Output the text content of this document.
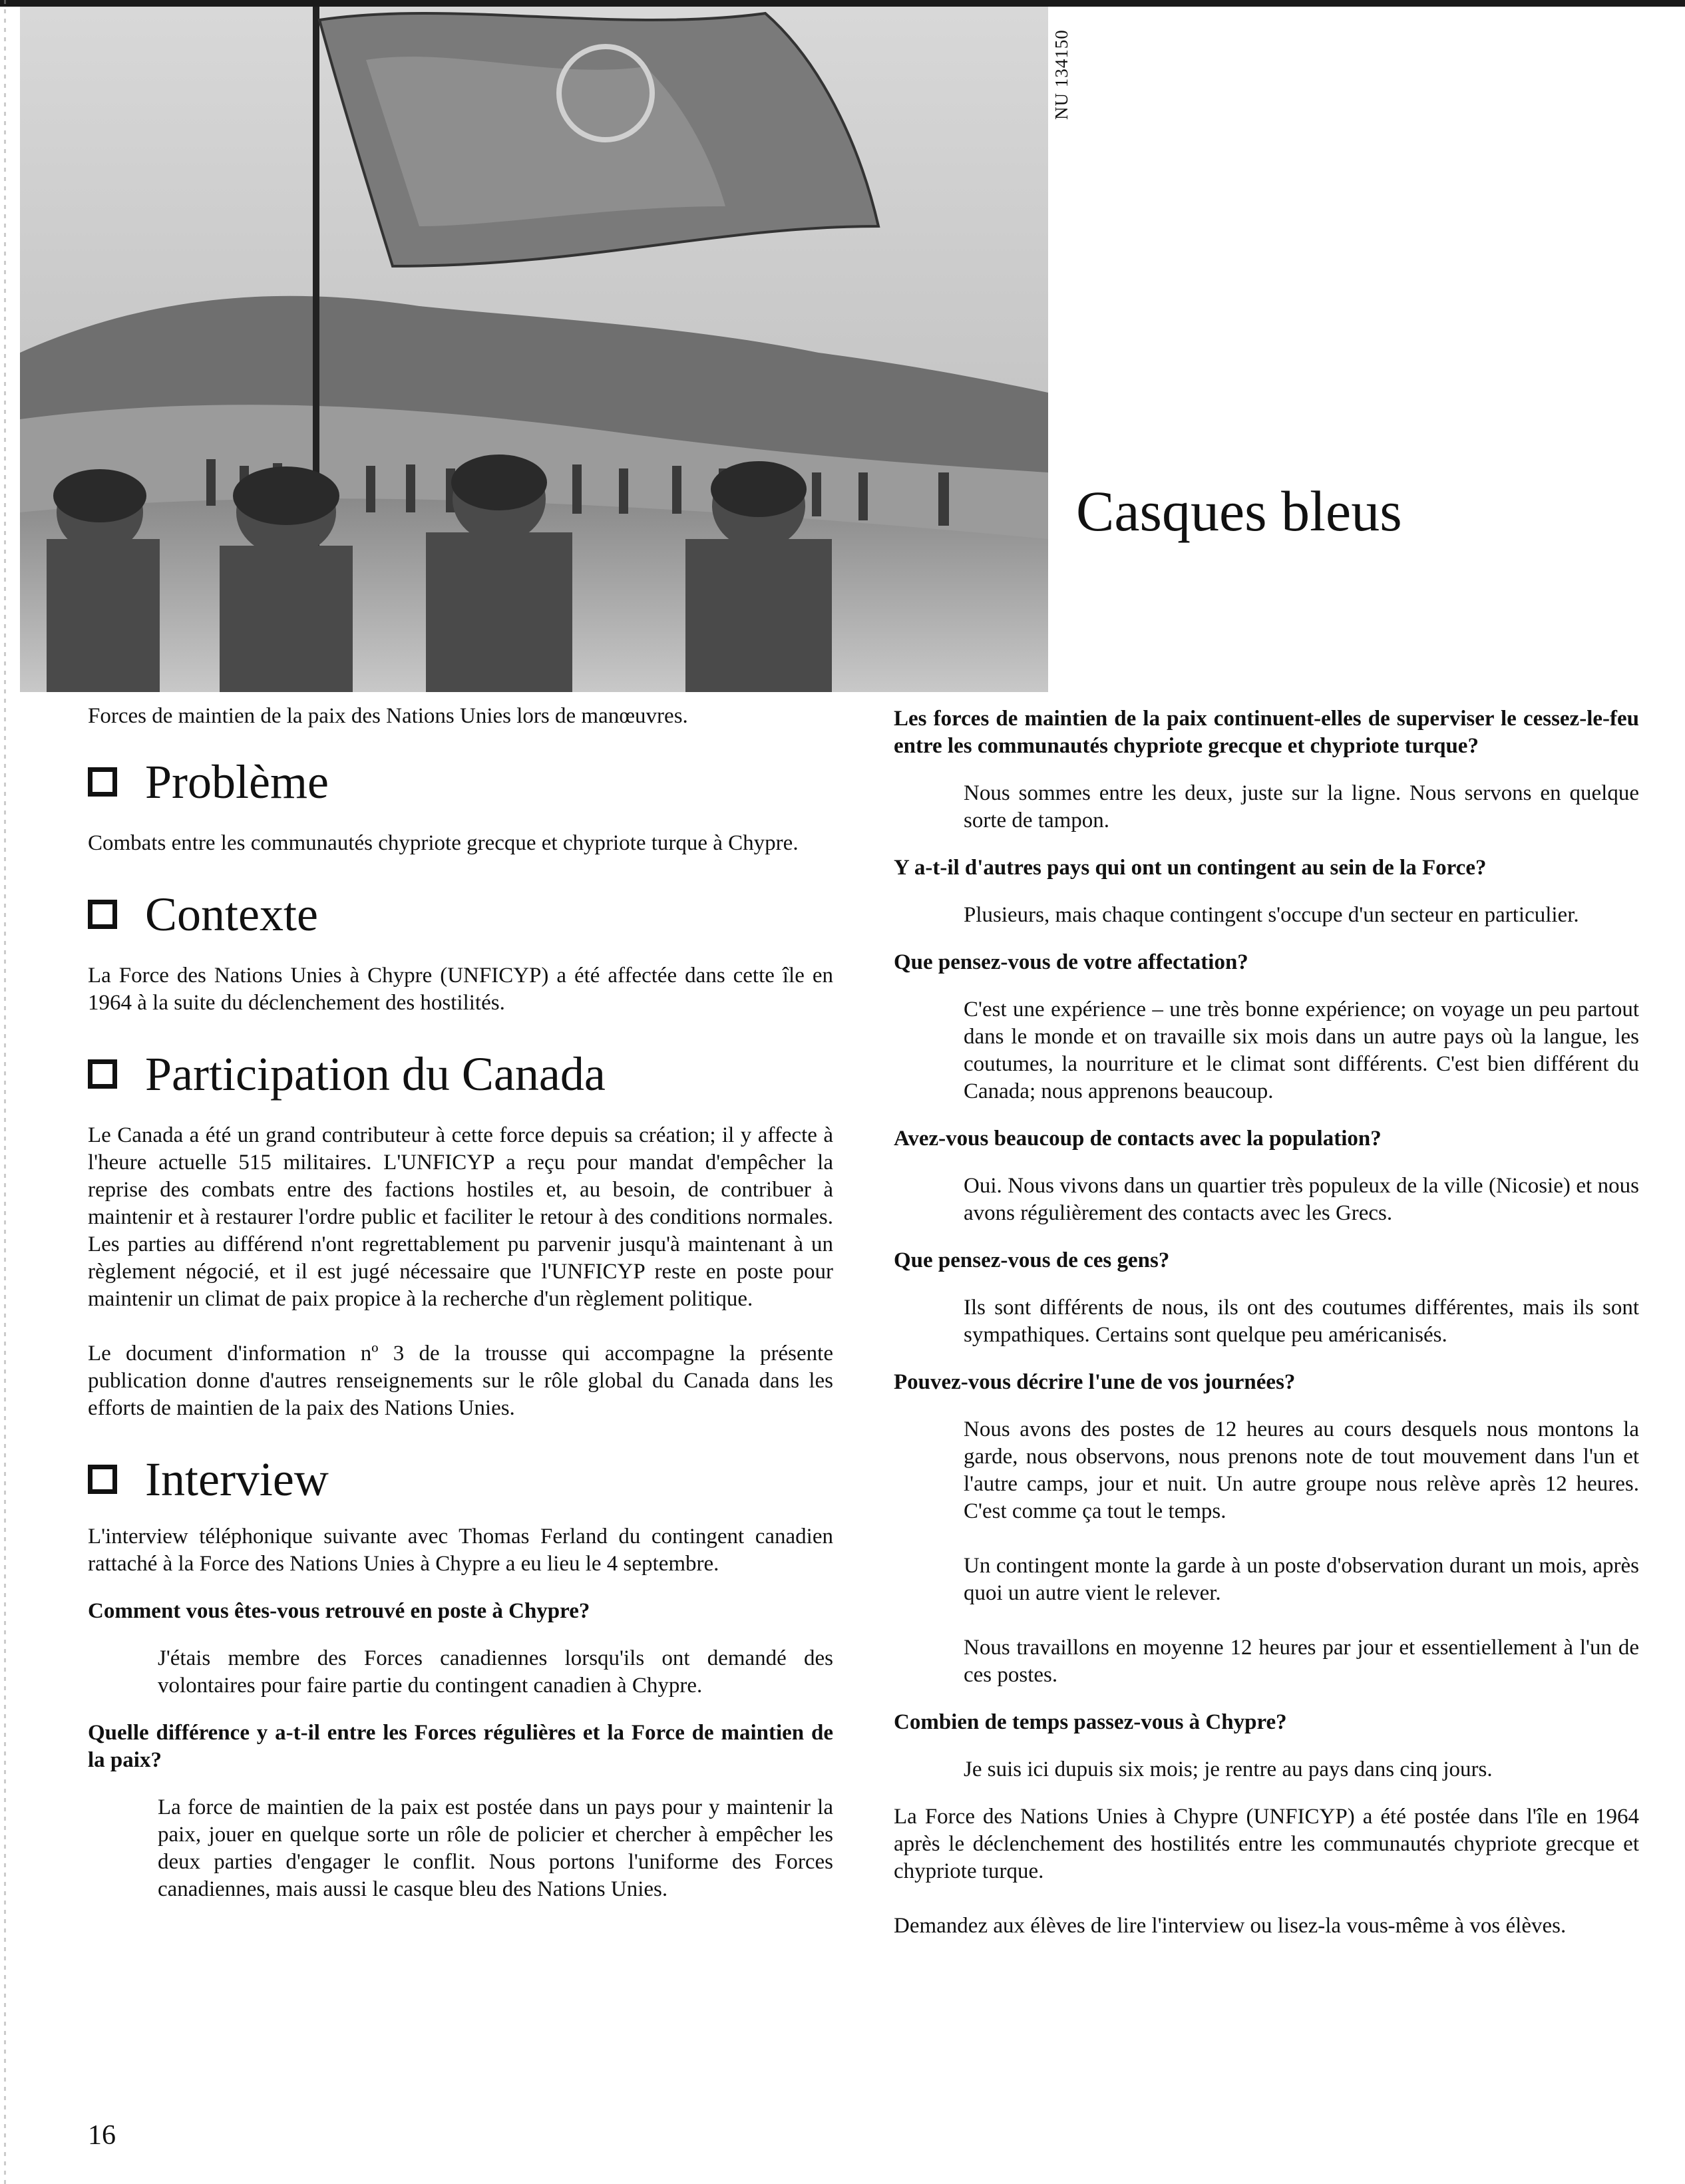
NU 134150
Casques bleus
Forces de maintien de la paix des Nations Unies lors de manœuvres.
Problème

Combats entre les communautés chypriote grecque et chypriote turque à Chypre.

Contexte

La Force des Nations Unies à Chypre (UNFICYP) a été affectée dans cette île en 1964 à la suite du déclenchement des hostilités.

Participation du Canada

Le Canada a été un grand contributeur à cette force depuis sa création; il y affecte à l'heure actuelle 515 militaires. L'UNFICYP a reçu pour mandat d'empêcher la reprise des combats entre des factions hostiles et, au besoin, de contribuer à maintenir et à restaurer l'ordre public et faciliter le retour à des conditions normales. Les parties au différend n'ont regrettablement pu parvenir jusqu'à maintenant à un règlement négocié, et il est jugé nécessaire que l'UNFICYP reste en poste pour maintenir un climat de paix propice à la recherche d'un règlement politique.

Le document d'information nº 3 de la trousse qui accompagne la présente publication donne d'autres renseignements sur le rôle global du Canada dans les efforts de maintien de la paix des Nations Unies.

Interview

L'interview téléphonique suivante avec Thomas Ferland du contingent canadien rattaché à la Force des Nations Unies à Chypre a eu lieu le 4 septembre.

Comment vous êtes-vous retrouvé en poste à Chypre?

J'étais membre des Forces canadiennes lorsqu'ils ont demandé des volontaires pour faire partie du contingent canadien à Chypre.

Quelle différence y a-t-il entre les Forces régulières et la Force de maintien de la paix?

La force de maintien de la paix est postée dans un pays pour y maintenir la paix, jouer en quelque sorte un rôle de policier et chercher à empêcher les deux parties d'engager le conflit. Nous portons l'uniforme des Forces canadiennes, mais aussi le casque bleu des Nations Unies.

Les forces de maintien de la paix continuent-elles de superviser le cessez-le-feu entre les communautés chypriote grecque et chypriote turque?

Nous sommes entre les deux, juste sur la ligne. Nous servons en quelque sorte de tampon.

Y a-t-il d'autres pays qui ont un contingent au sein de la Force?

Plusieurs, mais chaque contingent s'occupe d'un secteur en particulier.

Que pensez-vous de votre affectation?

C'est une expérience – une très bonne expérience; on voyage un peu partout dans le monde et on travaille six mois dans un autre pays où la langue, les coutumes, la nourriture et le climat sont différents. C'est bien différent du Canada; nous apprenons beaucoup.

Avez-vous beaucoup de contacts avec la population?

Oui. Nous vivons dans un quartier très populeux de la ville (Nicosie) et nous avons régulièrement des contacts avec les Grecs.

Que pensez-vous de ces gens?

Ils sont différents de nous, ils ont des coutumes différentes, mais ils sont sympathiques. Certains sont quelque peu américanisés.

Pouvez-vous décrire l'une de vos journées?

Nous avons des postes de 12 heures au cours desquels nous montons la garde, nous observons, nous prenons note de tout mouvement dans l'un et l'autre camps, jour et nuit. Un autre groupe nous relève après 12 heures. C'est comme ça tout le temps.

Un contingent monte la garde à un poste d'observation durant un mois, après quoi un autre vient le relever.

Nous travaillons en moyenne 12 heures par jour et essentiellement à l'un de ces postes.

Combien de temps passez-vous à Chypre?

Je suis ici dupuis six mois; je rentre au pays dans cinq jours.

La Force des Nations Unies à Chypre (UNFICYP) a été postée dans l'île en 1964 après le déclenchement des hostilités entre les communautés chypriote grecque et chypriote turque.

Demandez aux élèves de lire l'interview ou lisez-la vous-même à vos élèves.

16
